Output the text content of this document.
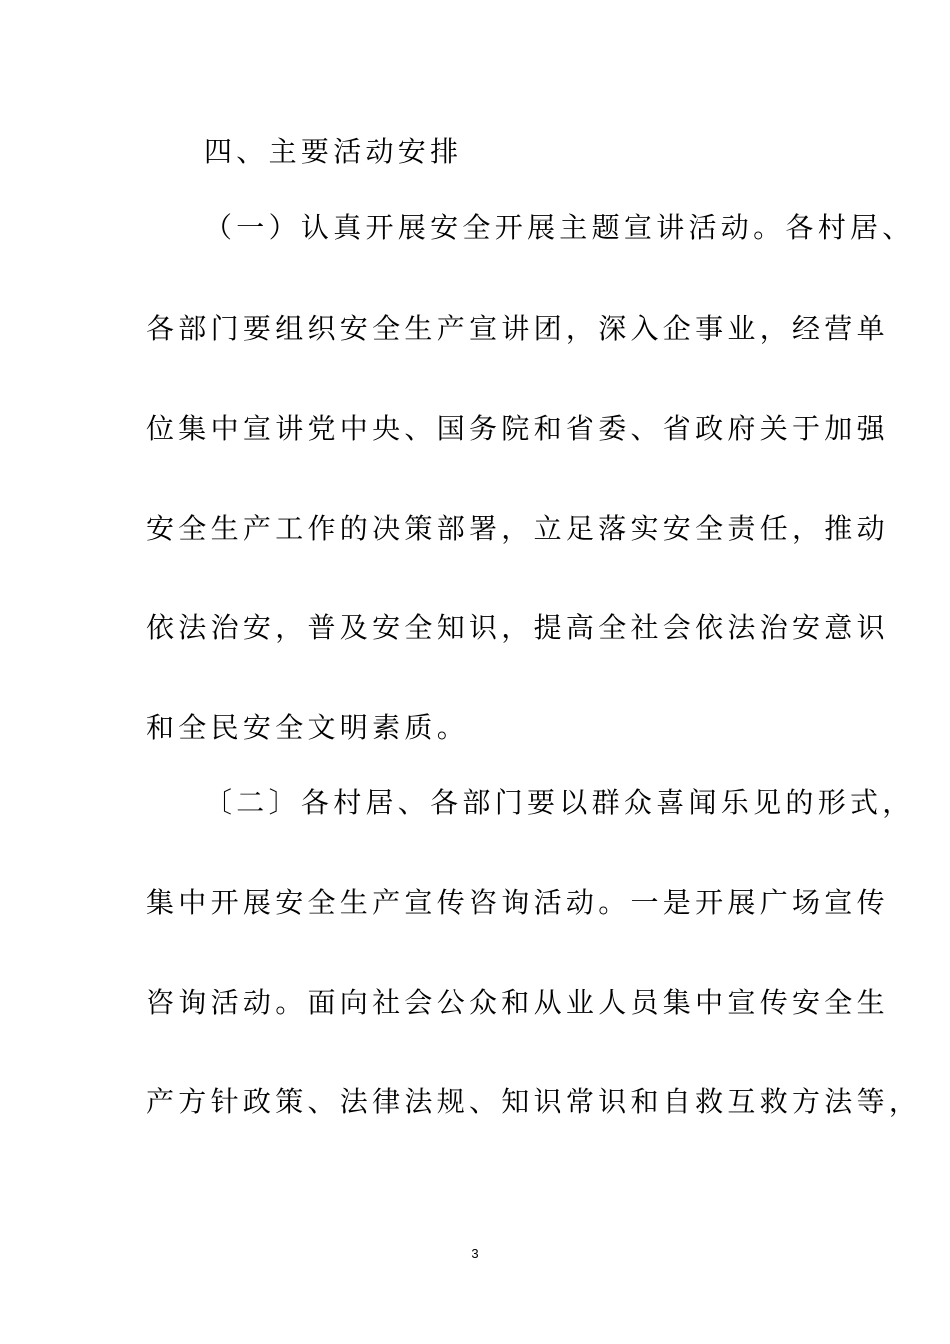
四、主要活动安排
（一）认真开展安全开展主题宣讲活动。各村居、
各部门要组织安全生产宣讲团，深入企事业，经营单
位集中宣讲党中央、国务院和省委、省政府关于加强
安全生产工作的决策部署，立足落实安全责任，推动
依法治安，普及安全知识，提高全社会依法治安意识
和全民安全文明素质。
〔二〕各村居、各部门要以群众喜闻乐见的形式，
集中开展安全生产宣传咨询活动。一是开展广场宣传
咨询活动。面向社会公众和从业人员集中宣传安全生
产方针政策、法律法规、知识常识和自救互救方法等，
3
